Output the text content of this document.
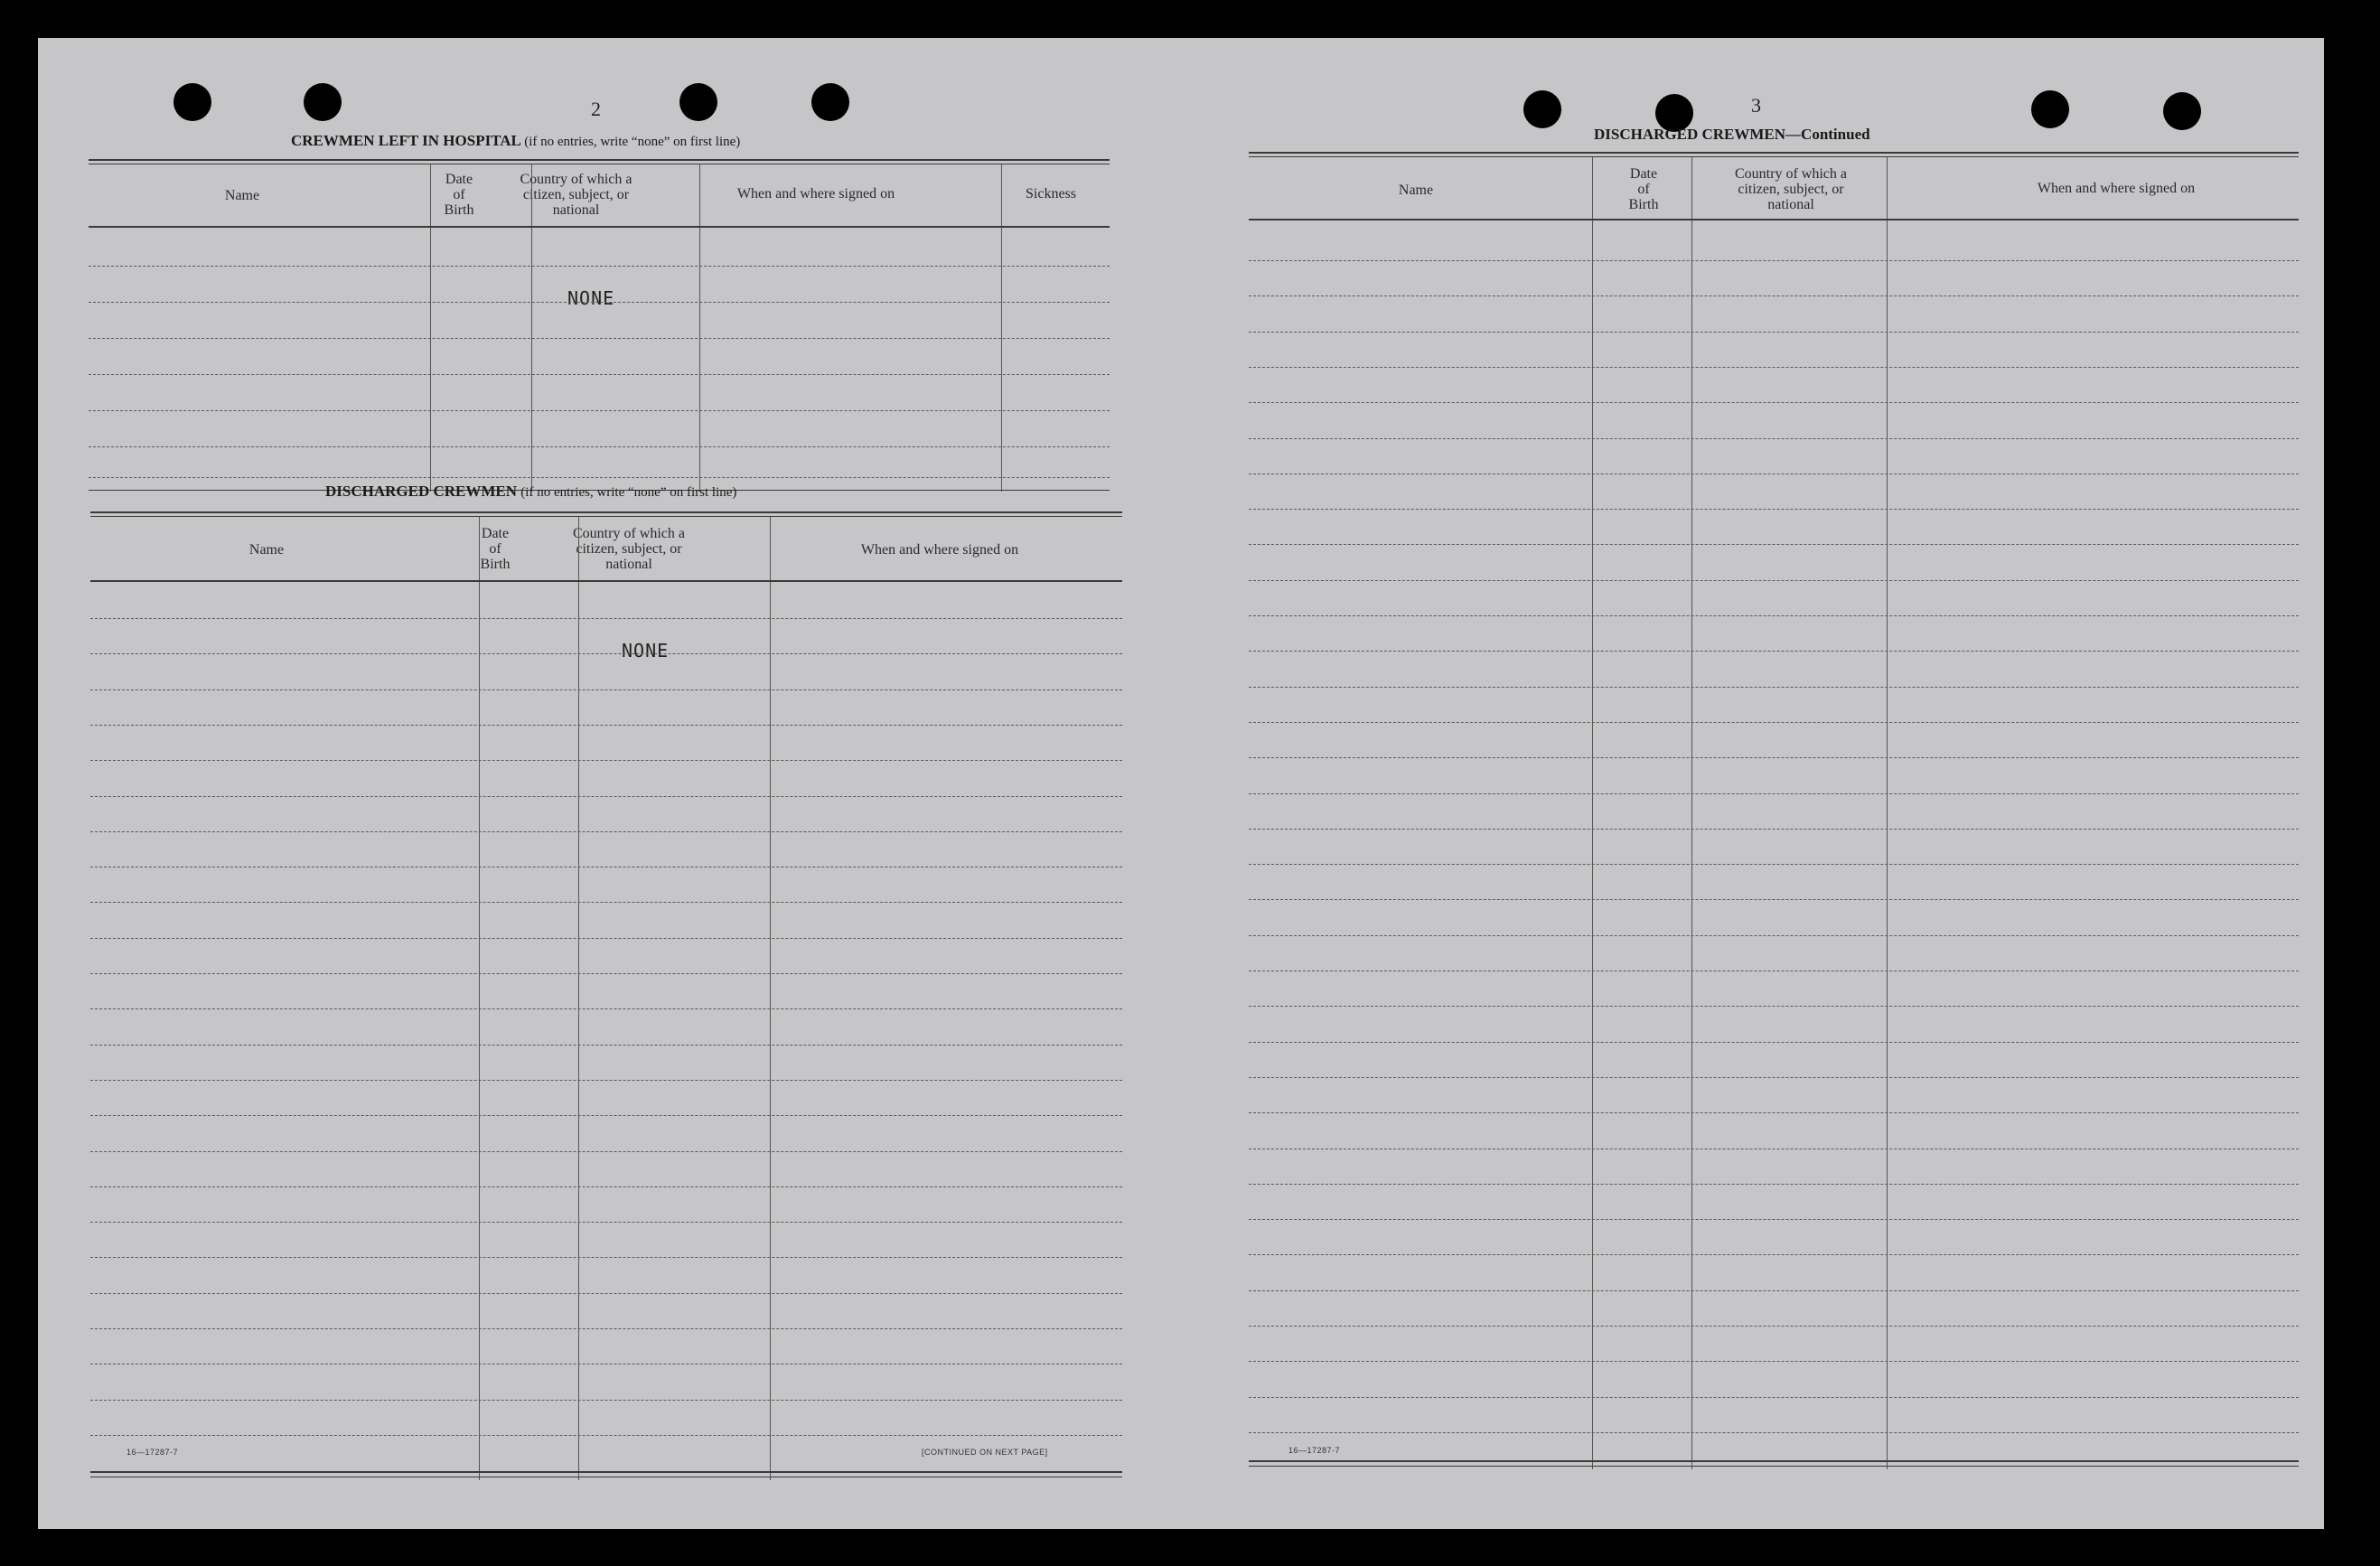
2
CREWMEN LEFT IN HOSPITAL (if no entries, write “none” on first line)
Name
Date
of
Birth
Country of which a
citizen, subject, or
national
When and where signed on	Sickness
NONE
DISCHARGED CREWMEN (if no entries, write “none” on first line)
Name
Date
of
Birth
Country of which a
citizen, subject, or
national
When and where signed on
NONE
16—17287-7	[CONTINUED ON NEXT PAGE]
3
DISCHARGED CREWMEN—Continued
Name
Date
of
Birth
Country of which a
citizen, subject, or
national
When and where signed on
16—17287-7
